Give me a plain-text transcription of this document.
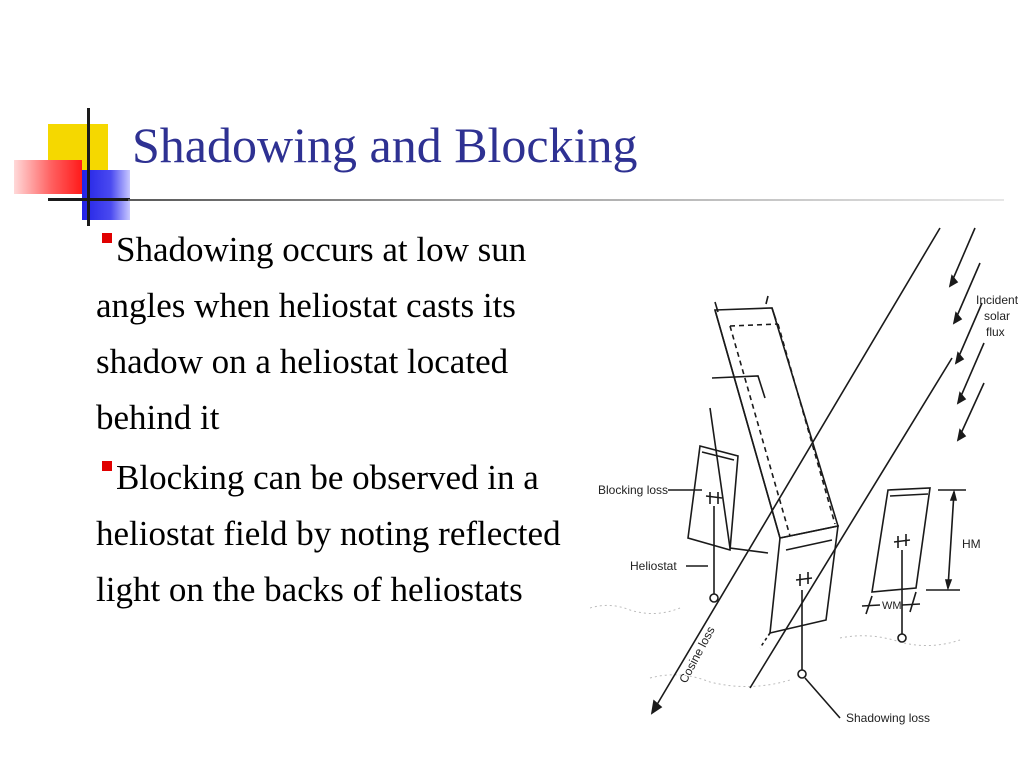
Shadowing and Blocking
Shadowing occurs at low sun angles when heliostat casts its shadow on a heliostat located behind it
Blocking can be observed in a heliostat field by noting reflected light on the backs of heliostats
Incident
solar
flux
Blocking loss
Heliostat
Cosine loss
Shadowing loss
HM
WM
